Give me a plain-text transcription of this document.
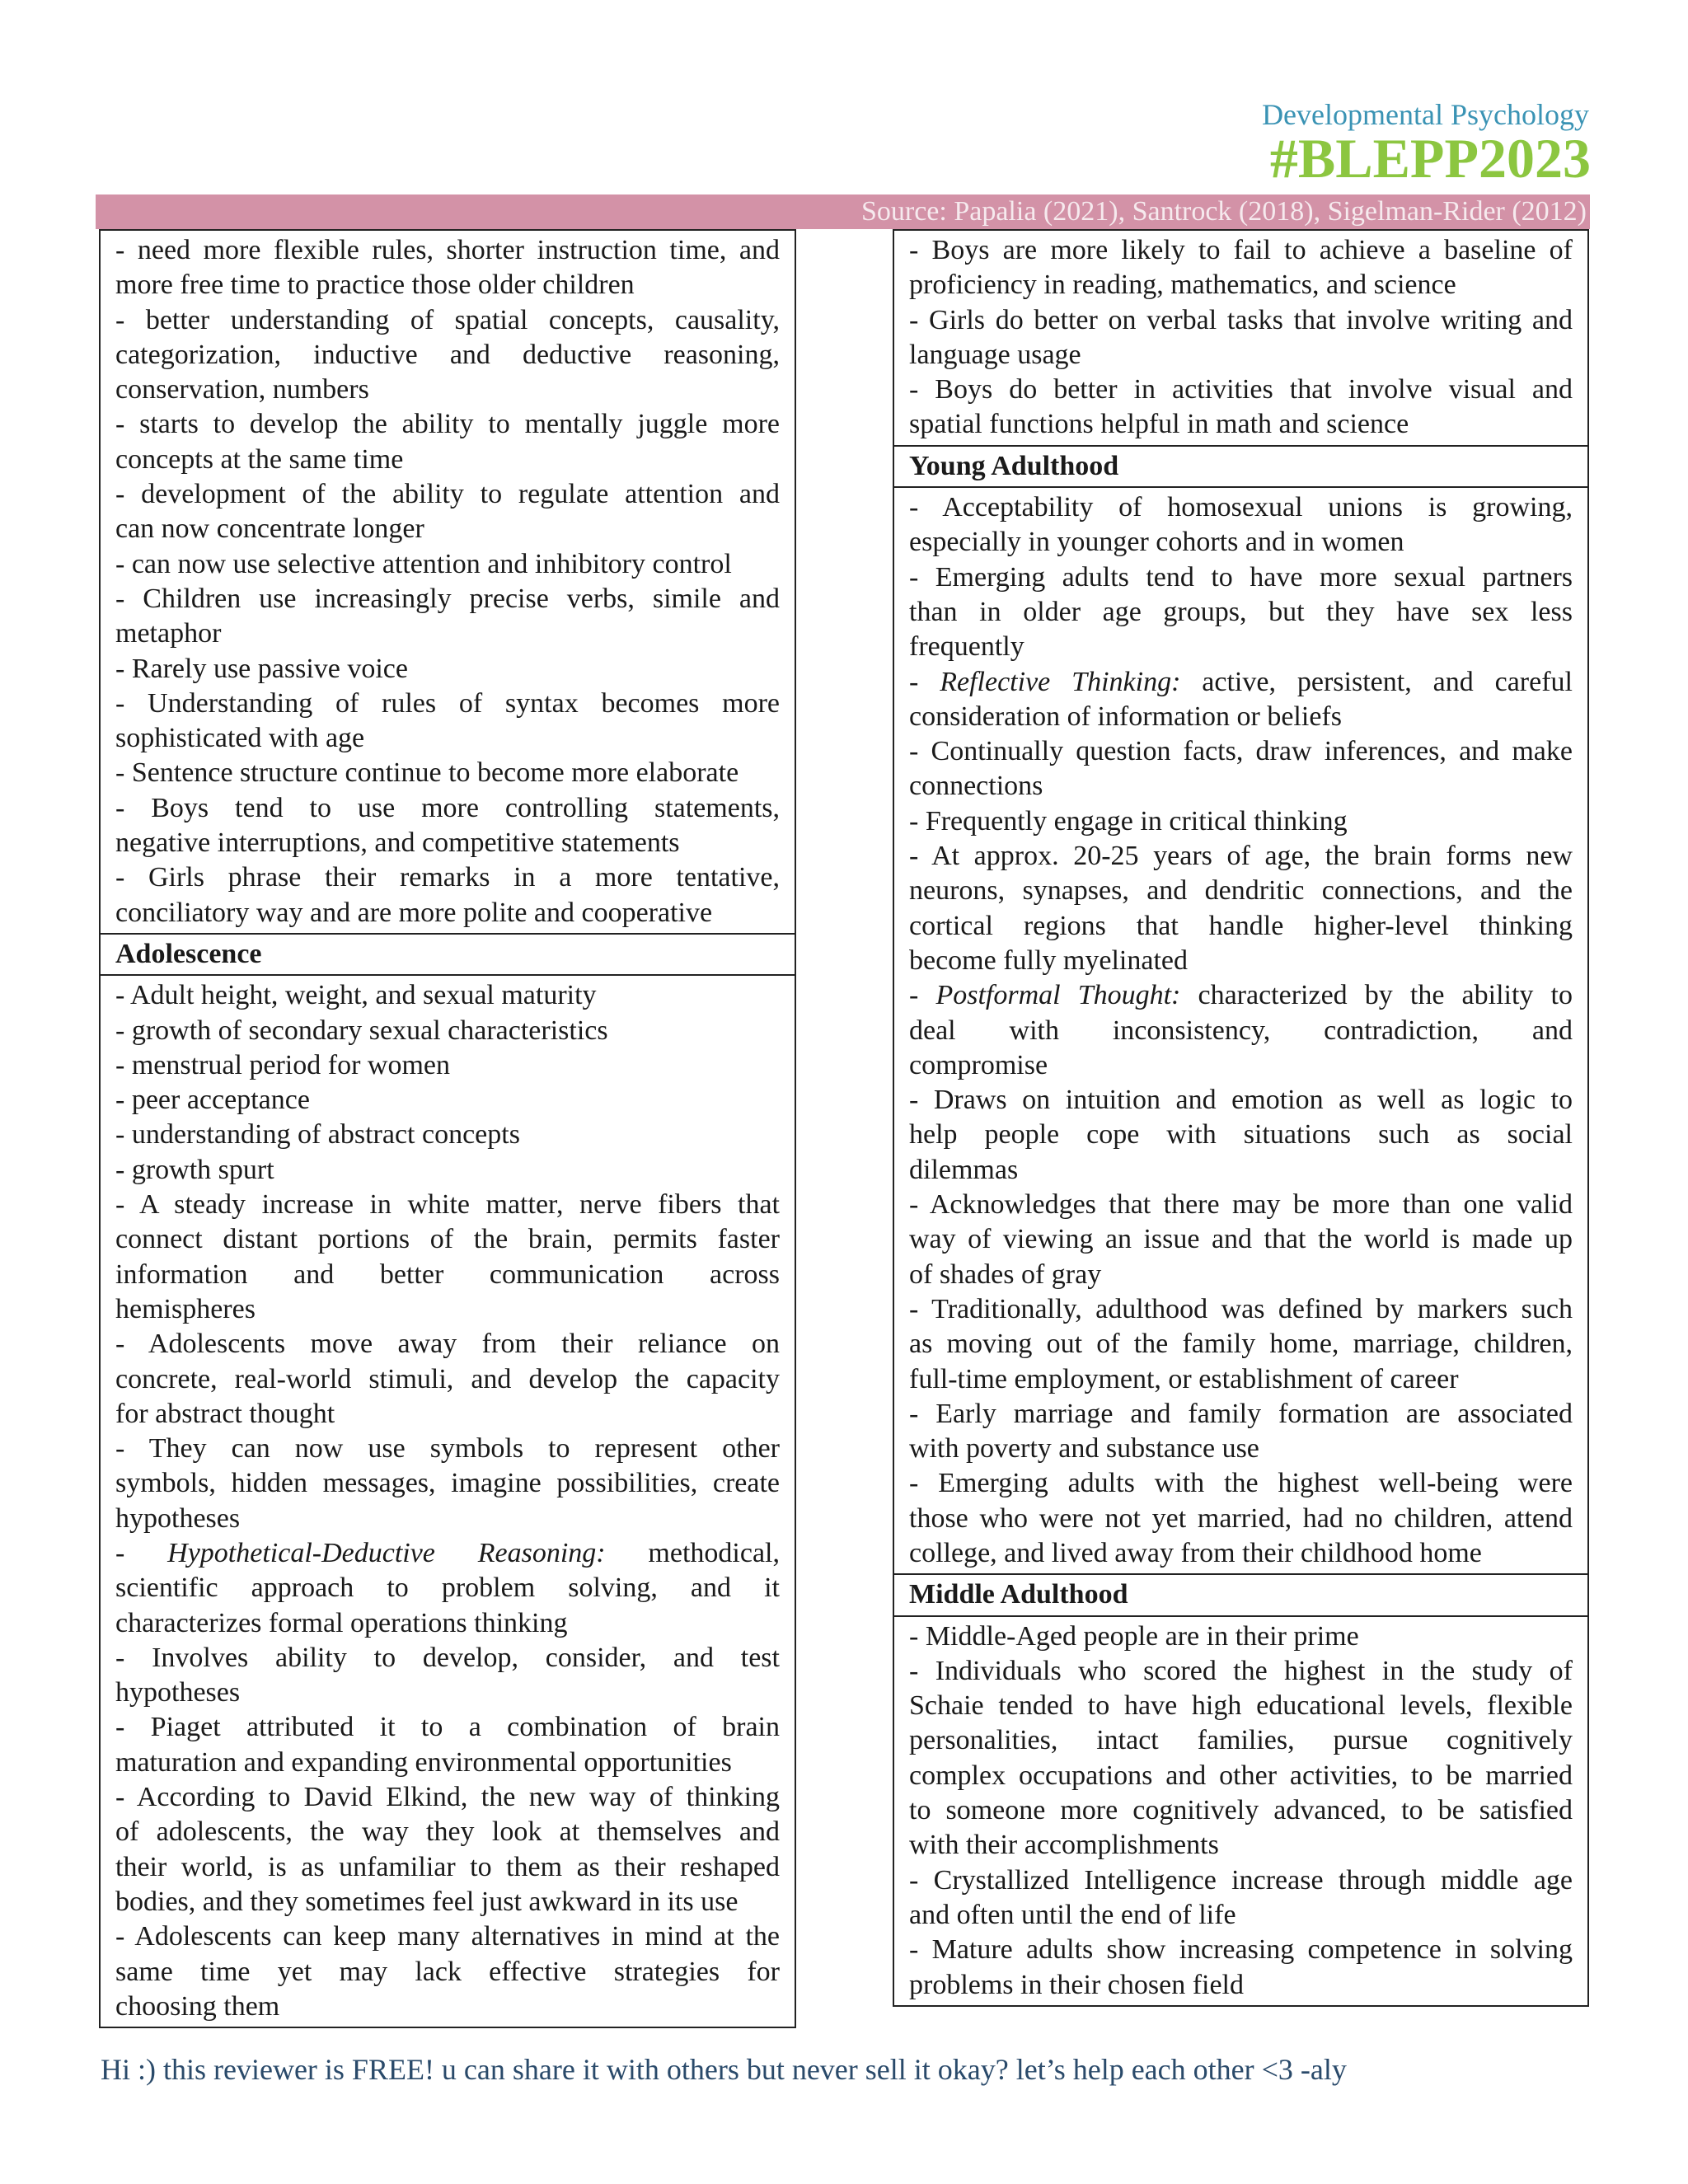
Developmental Psychology
#BLEPP2023
Source: Papalia (2021), Santrock (2018), Sigelman-Rider (2012)
- need more flexible rules, shorter instruction time, and
more free time to practice those older children
- better understanding of spatial concepts, causality,
categorization, inductive and deductive reasoning,
conservation, numbers
- starts to develop the ability to mentally juggle more
concepts at the same time
- development of the ability to regulate attention and
can now concentrate longer
- can now use selective attention and inhibitory control
- Children use increasingly precise verbs, simile and
metaphor
- Rarely use passive voice
- Understanding of rules of syntax becomes more
sophisticated with age
- Sentence structure continue to become more elaborate
- Boys tend to use more controlling statements,
negative interruptions, and competitive statements
- Girls phrase their remarks in a more tentative,
conciliatory way and are more polite and cooperative
Adolescence
- Adult height, weight, and sexual maturity
- growth of secondary sexual characteristics
- menstrual period for women
- peer acceptance
- understanding of abstract concepts
- growth spurt
- A steady increase in white matter, nerve fibers that
connect distant portions of the brain, permits faster
information and better communication across
hemispheres
- Adolescents move away from their reliance on
concrete, real-world stimuli, and develop the capacity
for abstract thought
- They can now use symbols to represent other
symbols, hidden messages, imagine possibilities, create
hypotheses
- Hypothetical-Deductive Reasoning: methodical,
scientific approach to problem solving, and it
characterizes formal operations thinking
- Involves ability to develop, consider, and test
hypotheses
- Piaget attributed it to a combination of brain
maturation and expanding environmental opportunities
- According to David Elkind, the new way of thinking
of adolescents, the way they look at themselves and
their world, is as unfamiliar to them as their reshaped
bodies, and they sometimes feel just awkward in its use
- Adolescents can keep many alternatives in mind at the
same time yet may lack effective strategies for
choosing them
- Boys are more likely to fail to achieve a baseline of
proficiency in reading, mathematics, and science
- Girls do better on verbal tasks that involve writing and
language usage
- Boys do better in activities that involve visual and
spatial functions helpful in math and science
Young Adulthood
- Acceptability of homosexual unions is growing,
especially in younger cohorts and in women
- Emerging adults tend to have more sexual partners
than in older age groups, but they have sex less
frequently
- Reflective Thinking: active, persistent, and careful
consideration of information or beliefs
- Continually question facts, draw inferences, and make
connections
- Frequently engage in critical thinking
- At approx. 20-25 years of age, the brain forms new
neurons, synapses, and dendritic connections, and the
cortical regions that handle higher-level thinking
become fully myelinated
- Postformal Thought: characterized by the ability to
deal with inconsistency, contradiction, and
compromise
- Draws on intuition and emotion as well as logic to
help people cope with situations such as social
dilemmas
- Acknowledges that there may be more than one valid
way of viewing an issue and that the world is made up
of shades of gray
- Traditionally, adulthood was defined by markers such
as moving out of the family home, marriage, children,
full-time employment, or establishment of career
- Early marriage and family formation are associated
with poverty and substance use
- Emerging adults with the highest well-being were
those who were not yet married, had no children, attend
college, and lived away from their childhood home
Middle Adulthood
- Middle-Aged people are in their prime
- Individuals who scored the highest in the study of
Schaie tended to have high educational levels, flexible
personalities, intact families, pursue cognitively
complex occupations and other activities, to be married
to someone more cognitively advanced, to be satisfied
with their accomplishments
- Crystallized Intelligence increase through middle age
and often until the end of life
- Mature adults show increasing competence in solving
problems in their chosen field
Hi :) this reviewer is FREE! u can share it with others but never sell it okay? let’s help each other <3 -aly
